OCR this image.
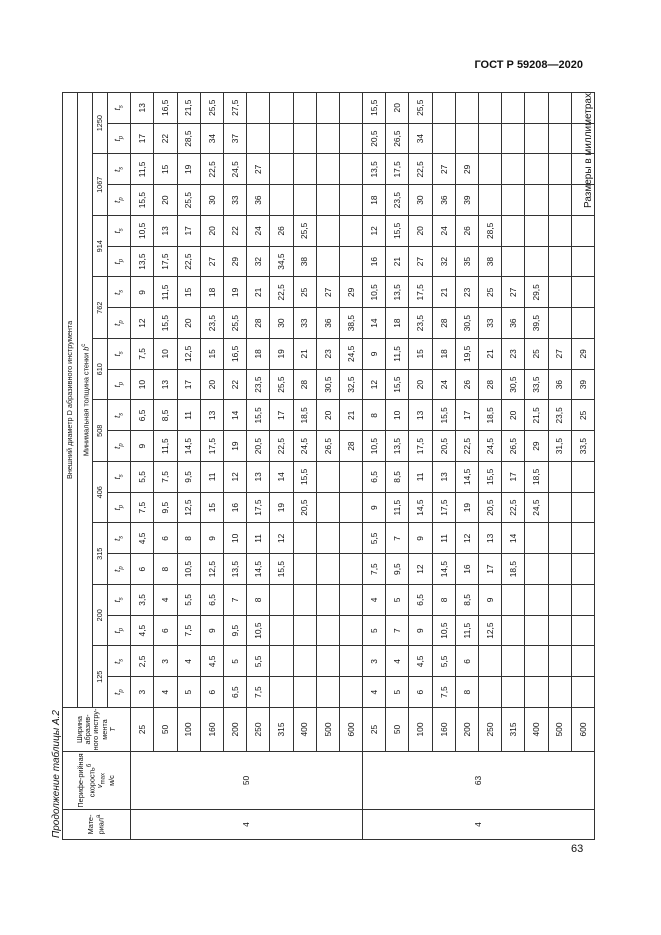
ГОСТ Р 59208—2020
Продолжение таблицы А.2
Размеры в миллиметрах
Мате-риал$^a$	Перифе-рийная скорость$^б$
$v_{max}$
м/с	Ширина абразив-ного инстру-мента
T	Внешний диаметр D абразивного инструмента																			
			Минимальная толщина стенки $b^с$
			125		200		315		406		508		610		762		914		1067		1250	
			$t_p$	$t_s$	$t_p$	$t_s$	$t_p$	$t_s$	$t_p$	$t_s$	$t_p$	$t_s$	$t_p$	$t_s$	$t_p$	$t_s$	$t_p$	$t_s$	$t_p$	$t_s$	$t_p$	$t_s$
4	50	25	3	2,5	4,5	3,5	6	4,5	7,5	5,5	9	6,5	10	7,5	12	9	13,5	10,5	15,5	11,5	17	13
		50	4	3	6	4	8	6	9,5	7,5	11,5	8,5	13	10	15,5	11,5	17,5	13	20	15	22	16,5
		100	5	4	7,5	5,5	10,5	8	12,5	9,5	14,5	11	17	12,5	20	15	22,5	17	25,5	19	28,5	21,5
		160	6	4,5	9	6,5	12,5	9	15	11	17,5	13	20	15	23,5	18	27	20	30	22,5	34	25,5
		200	6,5	5	9,5	7	13,5	10	16	12	19	14	22	16,5	25,5	19	29	22	33	24,5	37	27,5
		250	7,5	5,5	10,5	8	14,5	11	17,5	13	20,5	15,5	23,5	18	28	21	32	24	36	27		
		315					15,5	12	19	14	22,5	17	25,5	19	30	22,5	34,5	26				
		400							20,5	15,5	24,5	18,5	28	21	33	25	38	25,5				
		500									26,5	20	30,5	23	36	27						
		600									28	21	32,5	24,5	38,5	29						
4	63	25	4	3	5	4	7,5	5,5	9	6,5	10,5	8	12	9	14	10,5	16	12	18	13,5	20,5	15,5
		50	5	4	7	5	9,5	7	11,5	8,5	13,5	10	15,5	11,5	18	13,5	21	15,5	23,5	17,5	26,5	20
		100	6	4,5	9	6,5	12	9	14,5	11	17,5	13	20	15	23,5	17,5	27	20	30	22,5	34	25,5
		160	7,5	5,5	10,5	8	14,5	11	17,5	13	20,5	15,5	24	18	28	21	32	24	36	27		
		200	8	6	11,5	8,5	16	12	19	14,5	22,5	17	26	19,5	30,5	23	35	26	39	29		
		250			12,5	9	17	13	20,5	15,5	24,5	18,5	28	21	33	25	38	28,5				
		315					18,5	14	22,5	17	26,5	20	30,5	23	36	27						
		400							24,5	18,5	29	21,5	33,5	25	39,5	29,5						
		500									31,5	23,5	36	27								
		600									33,5	25	39	29								
63
